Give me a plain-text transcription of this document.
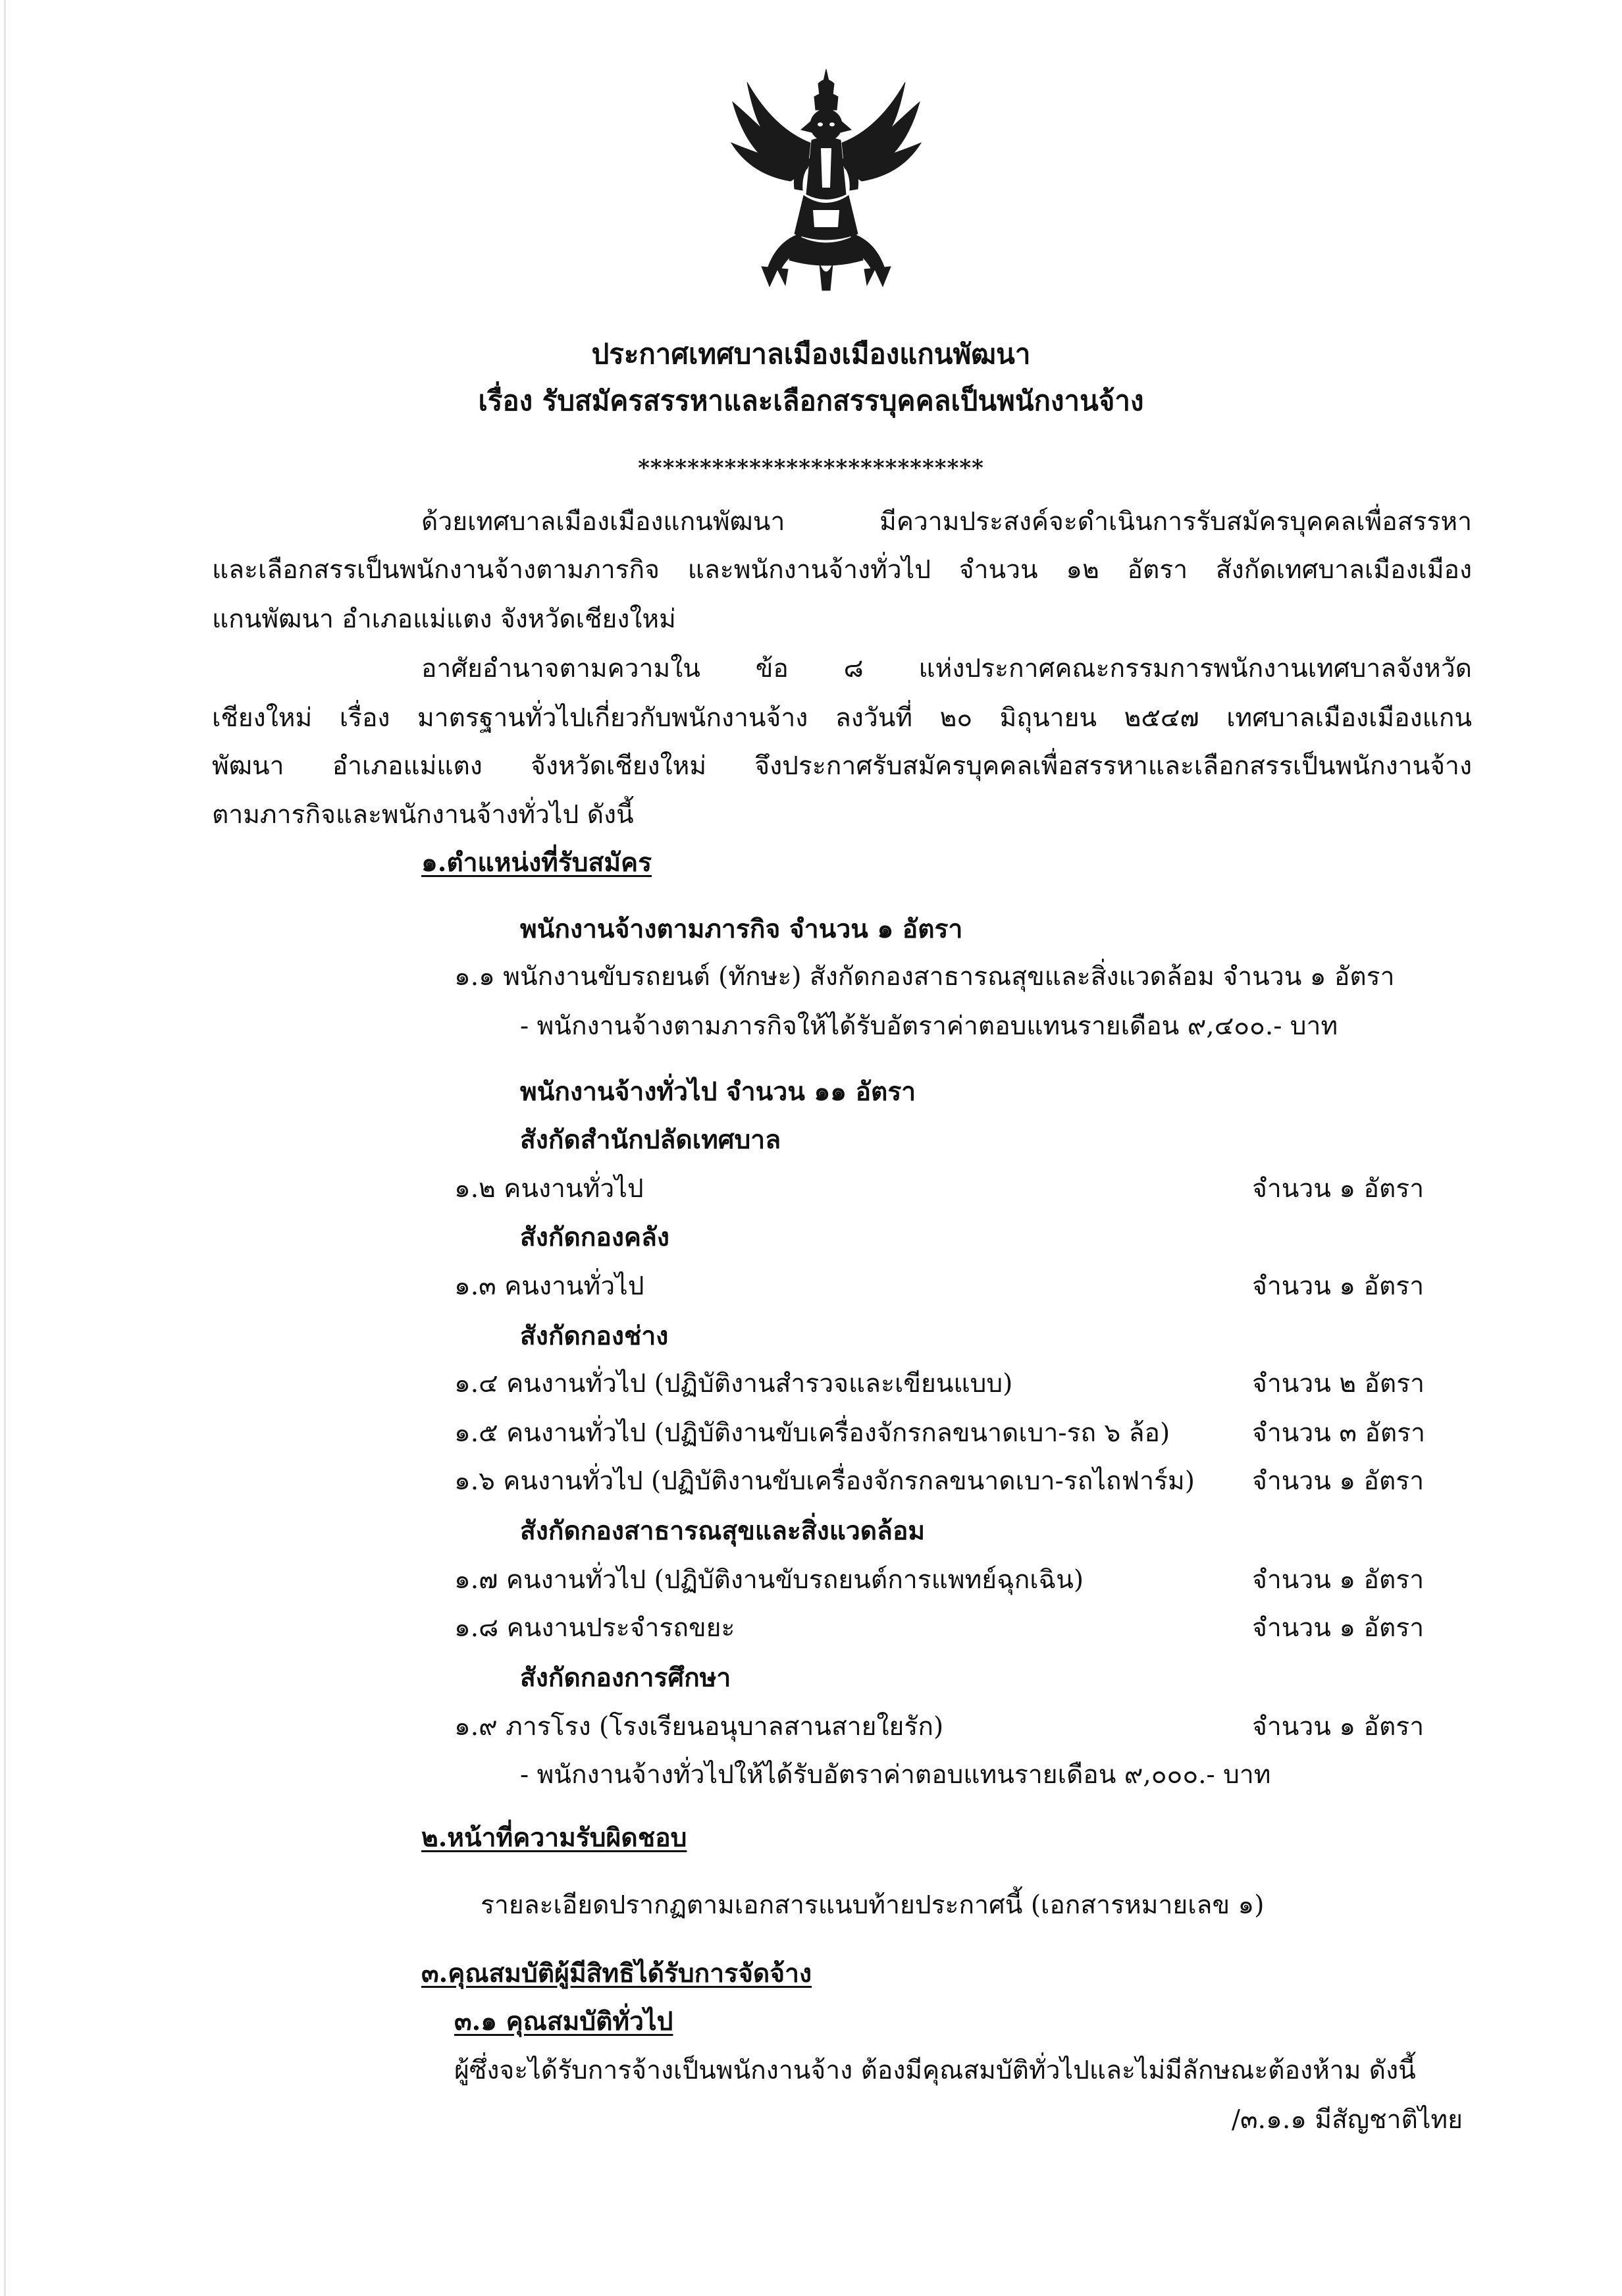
ประกาศเทศบาลเมืองเมืองแกนพัฒนา
เรื่อง รับสมัครสรรหาและเลือกสรรบุคคลเป็นพนักงานจ้าง
****************************
ด้วยเทศบาลเมืองเมืองแกนพัฒนา มีความประสงค์จะดำเนินการรับสมัครบุคคลเพื่อสรรหา
และเลือกสรรเป็นพนักงานจ้างตามภารกิจ และพนักงานจ้างทั่วไป จำนวน ๑๒ อัตรา สังกัดเทศบาลเมืองเมือง
แกนพัฒนา อำเภอแม่แตง จังหวัดเชียงใหม่
อาศัยอำนาจตามความใน ข้อ ๘ แห่งประกาศคณะกรรมการพนักงานเทศบาลจังหวัด
เชียงใหม่ เรื่อง มาตรฐานทั่วไปเกี่ยวกับพนักงานจ้าง ลงวันที่ ๒๐ มิถุนายน ๒๕๔๗ เทศบาลเมืองเมืองแกน
พัฒนา อำเภอแม่แตง จังหวัดเชียงใหม่ จึงประกาศรับสมัครบุคคลเพื่อสรรหาและเลือกสรรเป็นพนักงานจ้าง
ตามภารกิจและพนักงานจ้างทั่วไป ดังนี้
๑.ตำแหน่งที่รับสมัคร
พนักงานจ้างตามภารกิจ จำนวน ๑ อัตรา
๑.๑ พนักงานขับรถยนต์ (ทักษะ) สังกัดกองสาธารณสุขและสิ่งแวดล้อม จำนวน ๑ อัตรา
- พนักงานจ้างตามภารกิจให้ได้รับอัตราค่าตอบแทนรายเดือน ๙,๔๐๐.- บาท
พนักงานจ้างทั่วไป จำนวน ๑๑ อัตรา
สังกัดสำนักปลัดเทศบาล
๑.๒ คนงานทั่วไป	จำนวน ๑ อัตรา
สังกัดกองคลัง
๑.๓ คนงานทั่วไป	จำนวน ๑ อัตรา
สังกัดกองช่าง
๑.๔ คนงานทั่วไป (ปฏิบัติงานสำรวจและเขียนแบบ)	จำนวน ๒ อัตรา
๑.๕ คนงานทั่วไป (ปฏิบัติงานขับเครื่องจักรกลขนาดเบา-รถ ๖ ล้อ)	จำนวน ๓ อัตรา
๑.๖ คนงานทั่วไป (ปฏิบัติงานขับเครื่องจักรกลขนาดเบา-รถไถฟาร์ม) จำนวน ๑ อัตรา
สังกัดกองสาธารณสุขและสิ่งแวดล้อม
๑.๗ คนงานทั่วไป (ปฏิบัติงานขับรถยนต์การแพทย์ฉุกเฉิน)	จำนวน ๑ อัตรา
๑.๘ คนงานประจำรถขยะ	จำนวน ๑ อัตรา
สังกัดกองการศึกษา
๑.๙ ภารโรง (โรงเรียนอนุบาลสานสายใยรัก)	จำนวน ๑ อัตรา
- พนักงานจ้างทั่วไปให้ได้รับอัตราค่าตอบแทนรายเดือน ๙,๐๐๐.- บาท
๒.หน้าที่ความรับผิดชอบ
รายละเอียดปรากฏตามเอกสารแนบท้ายประกาศนี้ (เอกสารหมายเลข ๑)
๓.คุณสมบัติผู้มีสิทธิได้รับการจัดจ้าง
๓.๑ คุณสมบัติทั่วไป
ผู้ซึ่งจะได้รับการจ้างเป็นพนักงานจ้าง ต้องมีคุณสมบัติทั่วไปและไม่มีลักษณะต้องห้าม ดังนี้
/๓.๑.๑ มีสัญชาติไทย
